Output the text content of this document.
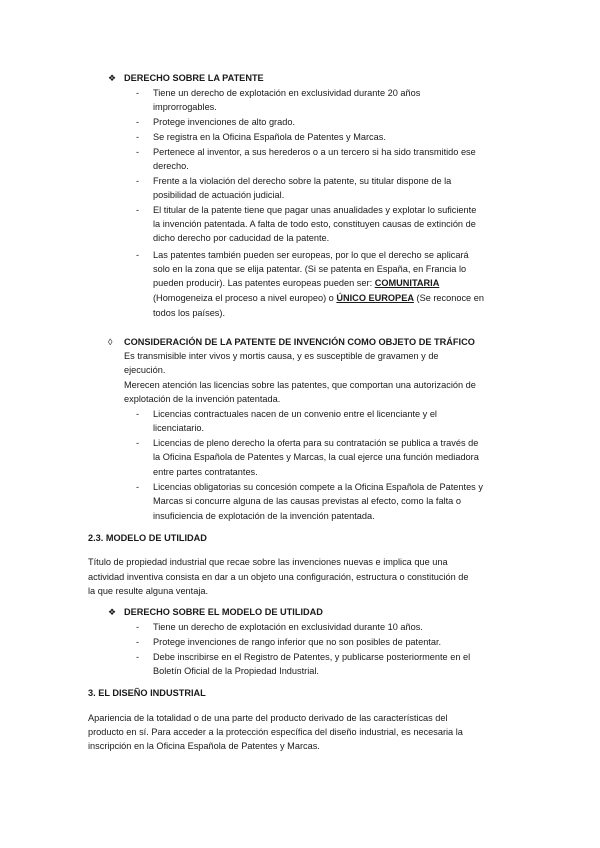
❖ DERECHO SOBRE LA PATENTE
- Tiene un derecho de explotación en exclusividad durante 20 años
improrrogables.
- Protege invenciones de alto grado.
- Se registra en la Oficina Española de Patentes y Marcas.
- Pertenece al inventor, a sus herederos o a un tercero si ha sido transmitido ese
derecho.
- Frente a la violación del derecho sobre la patente, su titular dispone de la
posibilidad de actuación judicial.
- El titular de la patente tiene que pagar unas anualidades y explotar lo suficiente
la invención patentada. A falta de todo esto, constituyen causas de extinción de
dicho derecho por caducidad de la patente.
- Las patentes también pueden ser europeas, por lo que el derecho se aplicará
solo en la zona que se elija patentar. (Si se patenta en España, en Francia lo
pueden producir). Las patentes europeas pueden ser: COMUNITARIA
(Homogeneiza el proceso a nivel europeo) o ÚNICO EUROPEA (Se reconoce en
todos los países).
◊ CONSIDERACIÓN DE LA PATENTE DE INVENCIÓN COMO OBJETO DE TRÁFICO
Es transmisible inter vivos y mortis causa, y es susceptible de gravamen y de
ejecución.
Merecen atención las licencias sobre las patentes, que comportan una autorización de
explotación de la invención patentada.
- Licencias contractuales nacen de un convenio entre el licenciante y el
licenciatario.
- Licencias de pleno derecho la oferta para su contratación se publica a través de
la Oficina Española de Patentes y Marcas, la cual ejerce una función mediadora
entre partes contratantes.
- Licencias obligatorias su concesión compete a la Oficina Española de Patentes y
Marcas si concurre alguna de las causas previstas al efecto, como la falta o
insuficiencia de explotación de la invención patentada.
2.3. MODELO DE UTILIDAD
Título de propiedad industrial que recae sobre las invenciones nuevas e implica que una
actividad inventiva consista en dar a un objeto una configuración, estructura o constitución de
la que resulte alguna ventaja.
❖ DERECHO SOBRE EL MODELO DE UTILIDAD
- Tiene un derecho de explotación en exclusividad durante 10 años.
- Protege invenciones de rango inferior que no son posibles de patentar.
- Debe inscribirse en el Registro de Patentes, y publicarse posteriormente en el
Boletín Oficial de la Propiedad Industrial.
3. EL DISEÑO INDUSTRIAL
Apariencia de la totalidad o de una parte del producto derivado de las características del
producto en sí. Para acceder a la protección específica del diseño industrial, es necesaria la
inscripción en la Oficina Española de Patentes y Marcas.
